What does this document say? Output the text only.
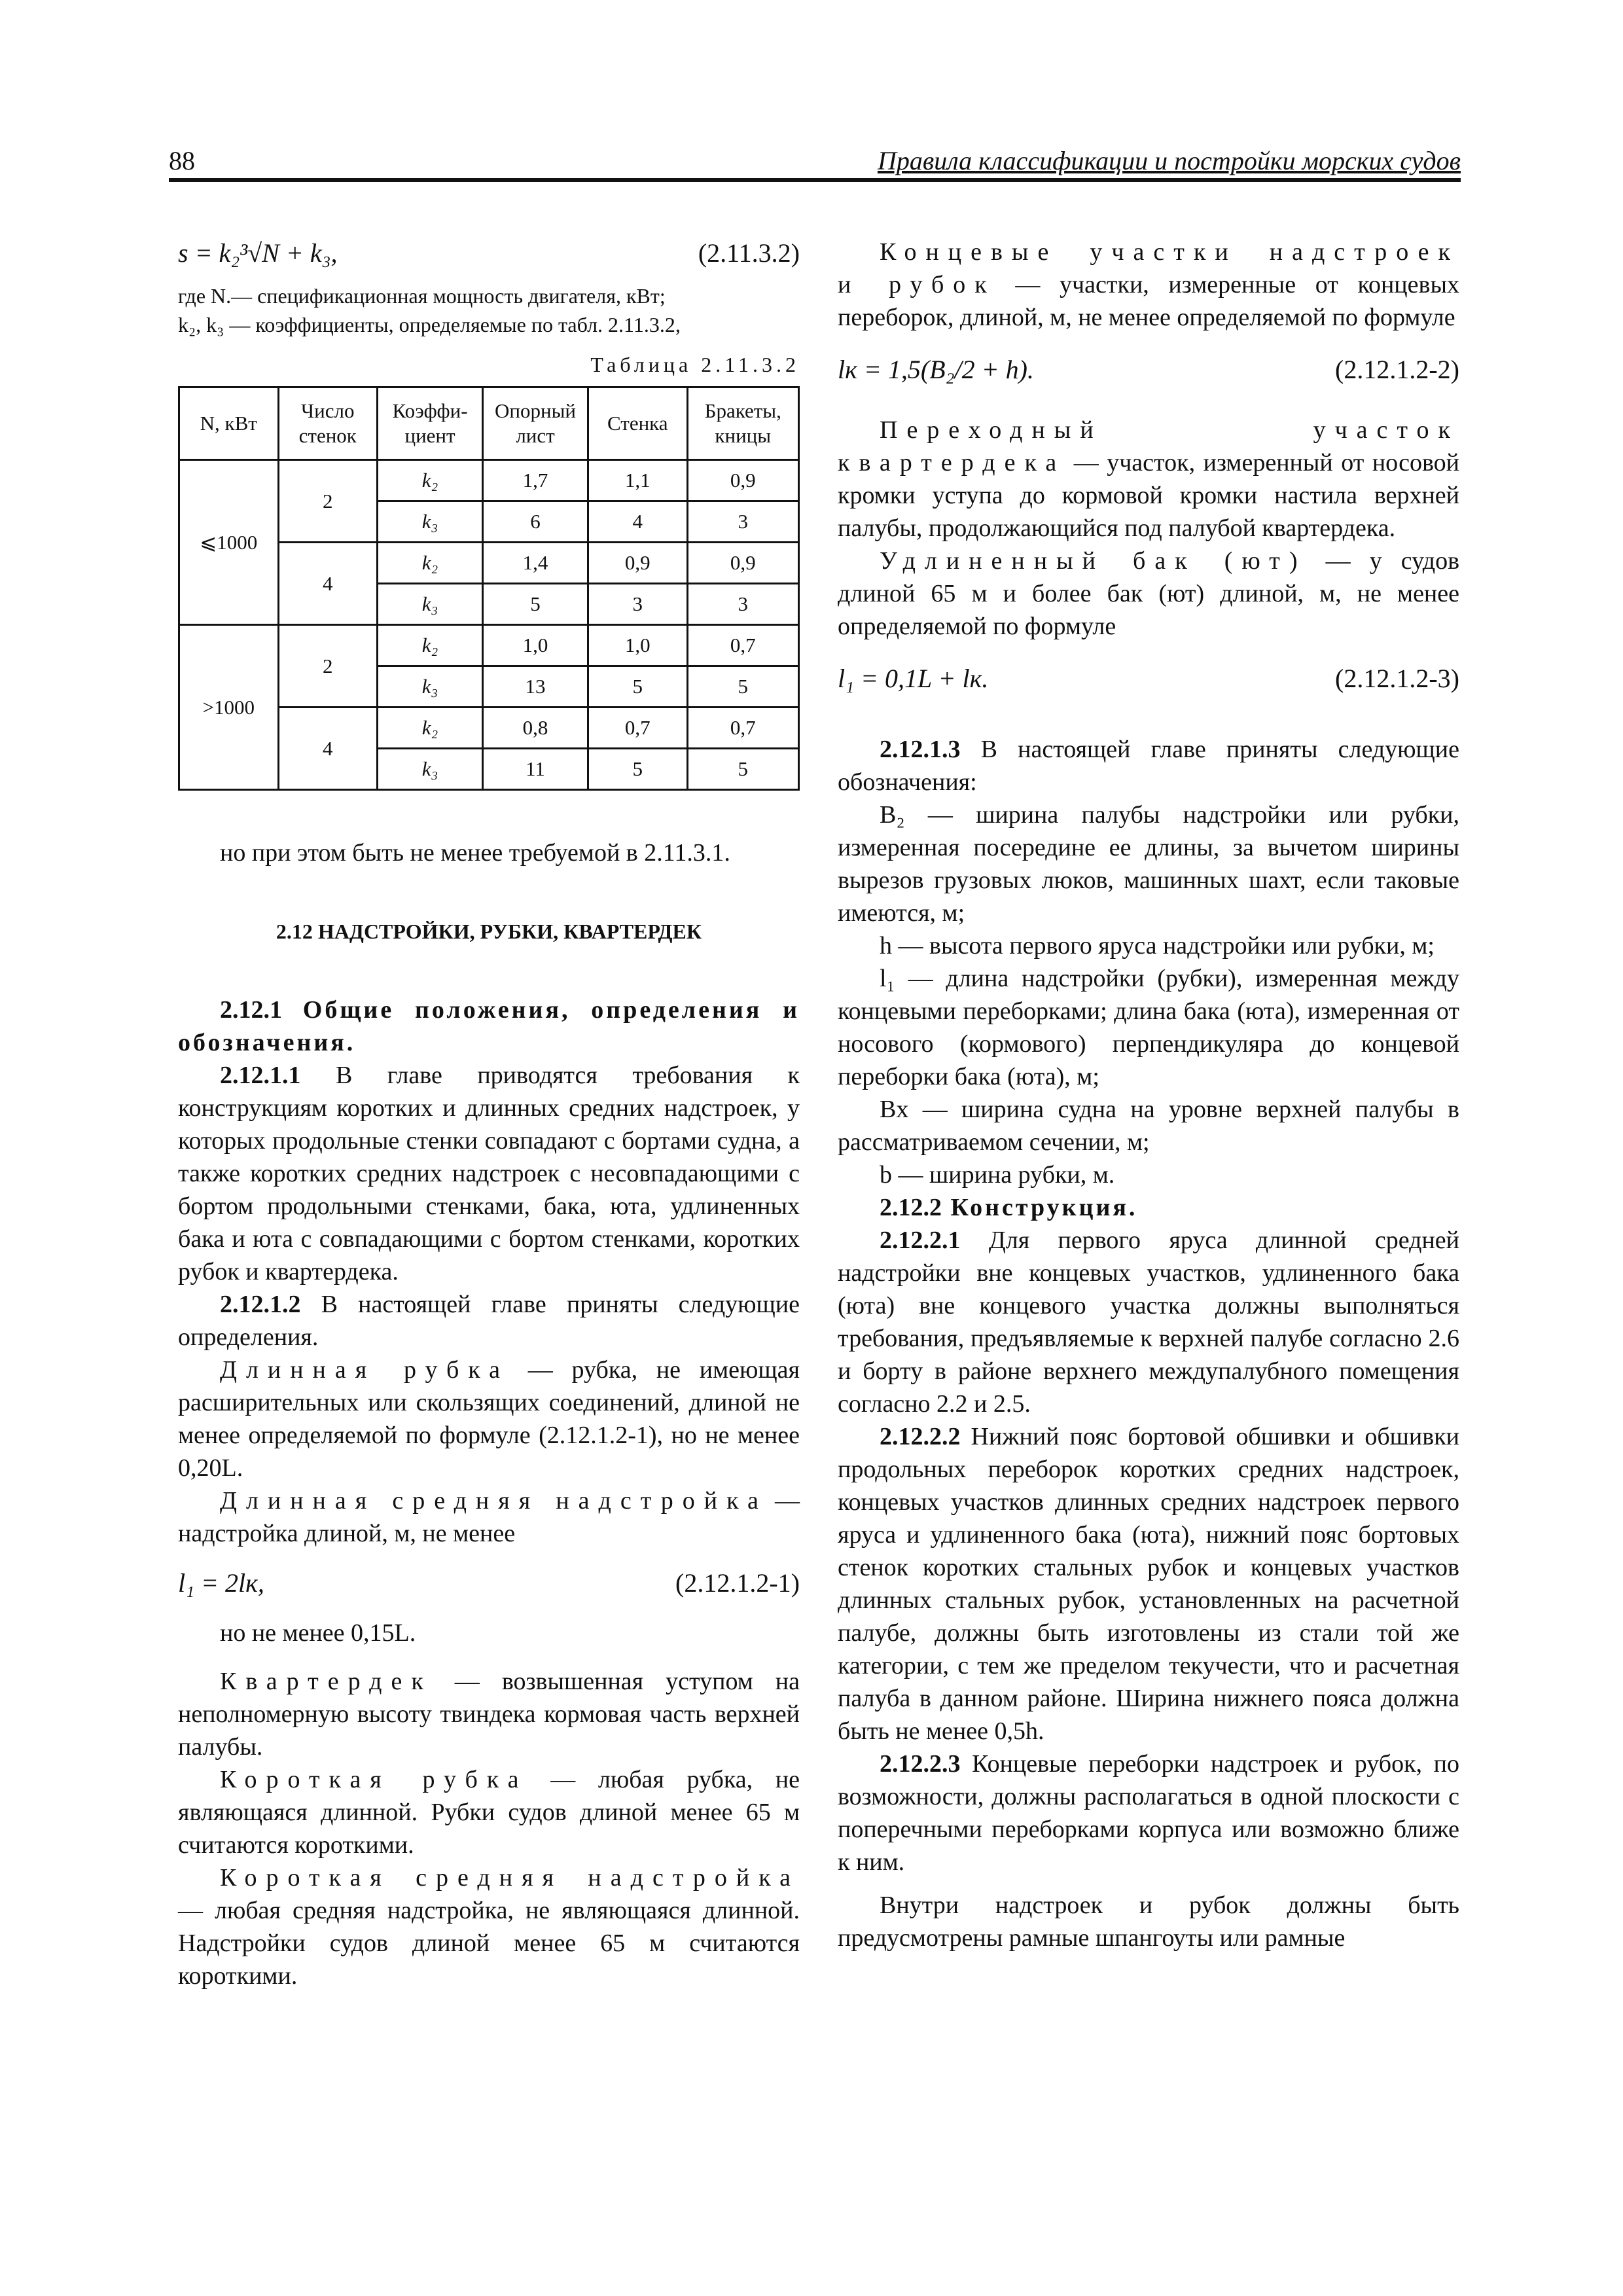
88	Правила классификации и постройки морских судов
s = k₂³√N + k₃,	(2.11.3.2)

где N.— спецификационная мощность двигателя, кВт;

k₂, k₃ — коэффициенты, определяемые по табл. 2.11.3.2,

Таблица 2.11.3.2
N, кВт	Число стенок	Коэффи-циент	Опорный лист	Стенка	Бракеты, кницы
⩽1000	2	k₂	1,7	1,1	0,9
		k₃	6	4	3
	4	k₂	1,4	0,9	0,9
		k₃	5	3	3
>1000	2	k₂	1,0	1,0	0,7
		k₃	13	5	5
	4	k₂	0,8	0,7	0,7
		k₃	11	5	5

но при этом быть не менее требуемой в 2.11.3.1.

2.12 НАДСТРОЙКИ, РУБКИ, КВАРТЕРДЕК

2.12.1 Общие положения, определения и обозначения.

2.12.1.1 В главе приводятся требования к конструкциям коротких и длинных средних надстроек, у которых продольные стенки совпадают с бортами судна, а также коротких средних надстроек с несовпадающими с бортом продольными стенками, бака, юта, удлиненных бака и юта с совпадающими с бортом стенками, коротких рубок и квартердека.

2.12.1.2 В настоящей главе приняты следующие определения.

Длинная рубка — рубка, не имеющая расширительных или скользящих соединений, длиной не менее определяемой по формуле (2.12.1.2-1), но не менее 0,20L.

Длинная средняя надстройка — надстройка длиной, м, не менее

l₁ = 2lк,	(2.12.1.2-1)

но не менее 0,15L.

Квартердек — возвышенная уступом на неполномерную высоту твиндека кормовая часть верхней палубы.

Короткая рубка — любая рубка, не являющаяся длинной. Рубки судов длиной менее 65 м считаются короткими.

Короткая средняя надстройка — любая средняя надстройка, не являющаяся длинной. Надстройки судов длиной менее 65 м считаются короткими.

Концевые участки надстроек и рубок — участки, измеренные от концевых переборок, длиной, м, не менее определяемой по формуле

lк = 1,5(B₂/2 + h).	(2.12.1.2-2)

Переходный участок квартердека — участок, измеренный от носовой кромки уступа до кормовой кромки настила верхней палубы, продолжающийся под палубой квартердека.

Удлиненный бак (ют) — у судов длиной 65 м и более бак (ют) длиной, м, не менее определяемой по формуле

l₁ = 0,1L + lк.	(2.12.1.2-3)

2.12.1.3 В настоящей главе приняты следующие обозначения:

B₂ — ширина палубы надстройки или рубки, измеренная посередине ее длины, за вычетом ширины вырезов грузовых люков, машинных шахт, если таковые имеются, м;

h — высота первого яруса надстройки или рубки, м;

l₁ — длина надстройки (рубки), измеренная между концевыми переборками; длина бака (юта), измеренная от носового (кормового) перпендикуляра до концевой переборки бака (юта), м;

Bx — ширина судна на уровне верхней палубы в рассматриваемом сечении, м;

b — ширина рубки, м.

2.12.2 Конструкция.

2.12.2.1 Для первого яруса длинной средней надстройки вне концевых участков, удлиненного бака (юта) вне концевого участка должны выполняться требования, предъявляемые к верхней палубе согласно 2.6 и борту в районе верхнего междупалубного помещения согласно 2.2 и 2.5.

2.12.2.2 Нижний пояс бортовой обшивки и обшивки продольных переборок коротких средних надстроек, концевых участков длинных средних надстроек первого яруса и удлиненного бака (юта), нижний пояс бортовых стенок коротких стальных рубок и концевых участков длинных стальных рубок, установленных на расчетной палубе, должны быть изготовлены из стали той же категории, с тем же пределом текучести, что и расчетная палуба в данном районе. Ширина нижнего пояса должна быть не менее 0,5h.

2.12.2.3 Концевые переборки надстроек и рубок, по возможности, должны располагаться в одной плоскости с поперечными переборками корпуса или возможно ближе к ним.

Внутри надстроек и рубок должны быть предусмотрены рамные шпангоуты или рамные
